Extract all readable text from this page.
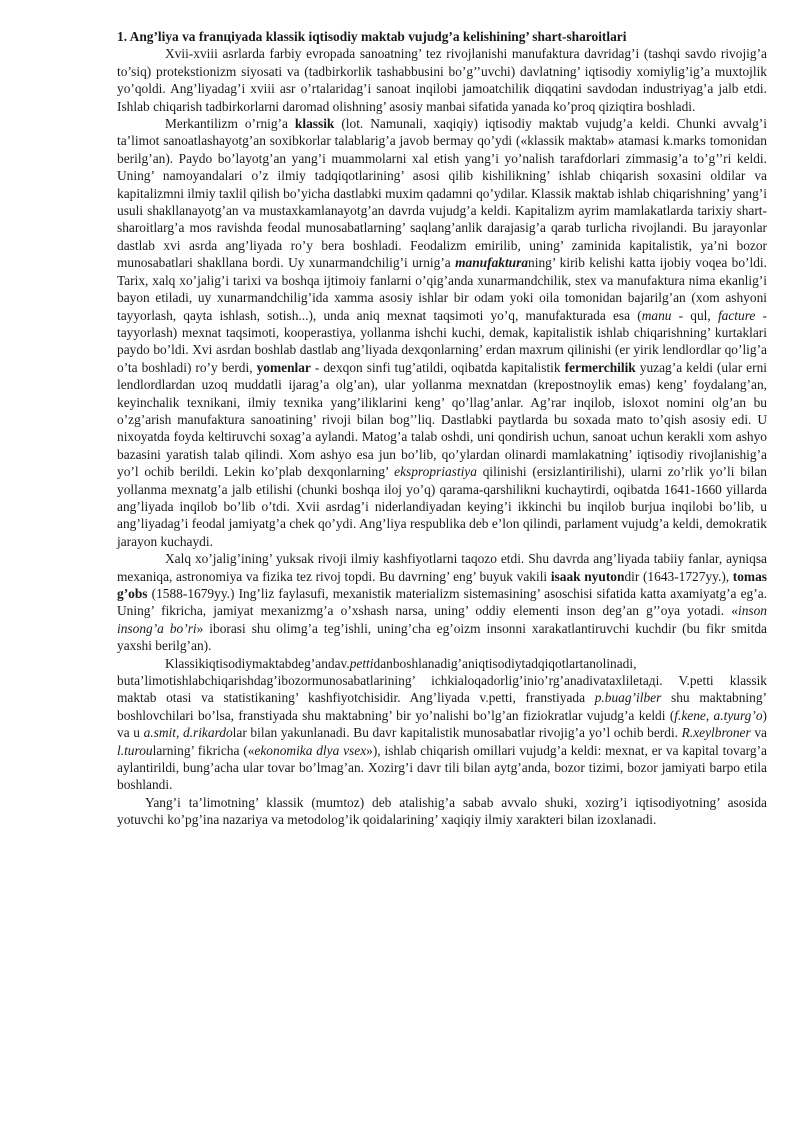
1. Ang’liya va franцiyada klassik iqtisodiy maktab vujudg’a kelishining’ shart-sharoitlari

Xvii-xviii asrlarda farbiy evropada sanoatning’ tez rivojlanishi manufaktura davridag’i (tashqi savdo rivojig’a to’siq) protekstionizm siyosati va (tadbirkorlik tashabbusini bo’g’’uvchi) davlatning’ iqtisodiy xomiylig’ig’a muxtojlik yo’qoldi. Ang’liyadag’i xviii asr o’rtalaridag’i sanoat inqilobi jamoatchilik diqqatini savdodan industriyag’a jalb etdi. Ishlab chiqarish tadbirkorlarni daromad olishning’ asosiy manbai sifatida yanada ko’proq qiziqtira boshladi.

Merkantilizm o’rnig’a klassik (lot. Namunali, xaqiqiy) iqtisodiy maktab vujudg’a keldi. Chunki avvalg’i ta’limot sanoatlashayotg’an soxibkorlar talablarig’a javob bermay qo’ydi («klassik maktab» atamasi k.marks tomonidan berilg’an). Paydo bo’layotg’an yang’i muammolarni xal etish yang’i yo’nalish tarafdorlari zimmasig’a to’g’’ri keldi. Uning’ namoyandalari o’z ilmiy tadqiqotlarining’ asosi qilib kishilikning’ ishlab chiqarish soxasini oldilar va kapitalizmni ilmiy taxlil qilish bo’yicha dastlabki muxim qadamni qo’ydilar. Klassik maktab ishlab chiqarishning’ yang’i usuli shakllanayotg’an va mustaxkamlanayotg’an davrda vujudg’a keldi. Kapitalizm ayrim mamlakatlarda tarixiy shart-sharoitlarg’a mos ravishda feodal munosabatlarning’ saqlang’anlik darajasig’a qarab turlicha rivojlandi. Bu jarayonlar dastlab xvi asrda ang’liyada ro’y bera boshladi. Feodalizm emirilib, uning’ zaminida kapitalistik, ya’ni bozor munosabatlari shakllana bordi. Uy xunarmandchilig’i urnig’a manufakturaning’ kirib kelishi katta ijobiy voqea bo’ldi. Tarix, xalq xo’jalig’i tarixi va boshqa ijtimoiy fanlarni o’qig’anda xunarmandchilik, stex va manufaktura nima ekanlig’i bayon etiladi, uy xunarmandchilig’ida xamma asosiy ishlar bir odam yoki oila tomonidan bajarilg’an (xom ashyoni tayyorlash, qayta ishlash, sotish...), unda aniq mexnat taqsimoti yo’q, manufakturada esa (manu - qul, facture - tayyorlash) mexnat taqsimoti, kooperastiya, yollanma ishchi kuchi, demak, kapitalistik ishlab chiqarishning’ kurtaklari paydo bo’ldi. Xvi asrdan boshlab dastlab ang’liyada dexqonlarning’ erdan maxrum qilinishi (er yirik lendlordlar qo’lig’a o’ta boshladi) ro’y berdi, yomenlar - dexqon sinfi tug’atildi, oqibatda kapitalistik fermerchilik yuzag’a keldi (ular erni lendlordlardan uzoq muddatli ijarag’a olg’an), ular yollanma mexnatdan (krepostnoylik emas) keng’ foydalang’an, keyinchalik texnikani, ilmiy texnika yang’iliklarini keng’ qo’llag’anlar. Ag’rar inqilob, isloxot nomini olg’an bu o’zg’arish manufaktura sanoatining’ rivoji bilan bog’’liq. Dastlabki paytlarda bu soxada mato to’qish asosiy edi. U nixoyatda foyda keltiruvchi soxag’a aylandi. Matog’a talab oshdi, uni qondirish uchun, sanoat uchun kerakli xom ashyo bazasini yaratish talab qilindi. Xom ashyo esa jun bo’lib, qo’ylardan olinardi mamlakatning’ iqtisodiy rivojlanishig’a yo’l ochib berildi. Lekin ko’plab dexqonlarning’ ekspropriastiya qilinishi (ersizlantirilishi), ularni zo’rlik yo’li bilan yollanma mexnatg’a jalb etilishi (chunki boshqa iloj yo’q) qarama-qarshilikni kuchaytirdi, oqibatda 1641-1660 yillarda ang’liyada inqilob bo’lib o’tdi. Xvii asrdag’i niderlandiyadan keying’i ikkinchi bu inqilob burjua inqilobi bo’lib, u ang’liyadag’i feodal jamiyatg’a chek qo’ydi. Ang’liya respublika deb e’lon qilindi, parlament vujudg’a keldi, demokratik jarayon kuchaydi.

Xalq xo’jalig’ining’ yuksak rivoji ilmiy kashfiyotlarni taqozo etdi. Shu davrda ang’liyada tabiiy fanlar, ayniqsa mexaniqa, astronomiya va fizika tez rivoj topdi. Bu davrning’ eng’ buyuk vakili isaak nyutondir (1643-1727yy.), tomas g’obs (1588-1679yy.) Ing’liz faylasufi, mexanistik materializm sistemasining’ asoschisi sifatida katta axamiyatg’a eg’a. Uning’ fikricha, jamiyat mexanizmg’a o’xshash narsa, uning’ oddiy elementi inson deg’an g’’oya yotadi. «inson insong’a bo’ri» iborasi shu olimg’a teg’ishli, uning’cha eg’oizm insonni xarakatlantiruvchi kuchdir (bu fikr smitda yaxshi berilg’an).

Klassikiqtisodiymaktabdeg’andav.pettidanboshlanadig’aniqtisodiytadqiqotlartanolinadi, buta’limotishlabchiqarishdag’ibozormunosabatlarining’ ichkialoqadorlig’inio’rg’anadivataxliletaдi. V.petti klassik maktab otasi va statistikaning’ kashfiyotchisidir. Ang’liyada v.petti, franstiyada p.buag’ilber shu maktabning’ boshlovchilari bo’lsa, franstiyada shu maktabning’ bir yo’nalishi bo’lg’an fiziokratlar vujudg’a keldi (f.kene, a.tyurg’o) va u a.smit, d.rikardolar bilan yakunlanadi. Bu davr kapitalistik munosabatlar rivojig’a yo’l ochib berdi. R.xeylbroner va l.turoularning’ fikricha («ekonomika dlya vsex»), ishlab chiqarish omillari vujudg’a keldi: mexnat, er va kapital tovarg’a aylantirildi, bung’acha ular tovar bo’lmag’an. Xozirg’i davr tili bilan aytg’anda, bozor tizimi, bozor jamiyati barpo etila boshlandi.

Yang’i ta’limotning’ klassik (mumtoz) deb atalishig’a sabab avvalo shuki, xozirg’i iqtisodiyotning’ asosida yotuvchi ko’pg’ina nazariya va metodolog’ik qoidalarining’ xaqiqiy ilmiy xarakteri bilan izoxlanadi.
